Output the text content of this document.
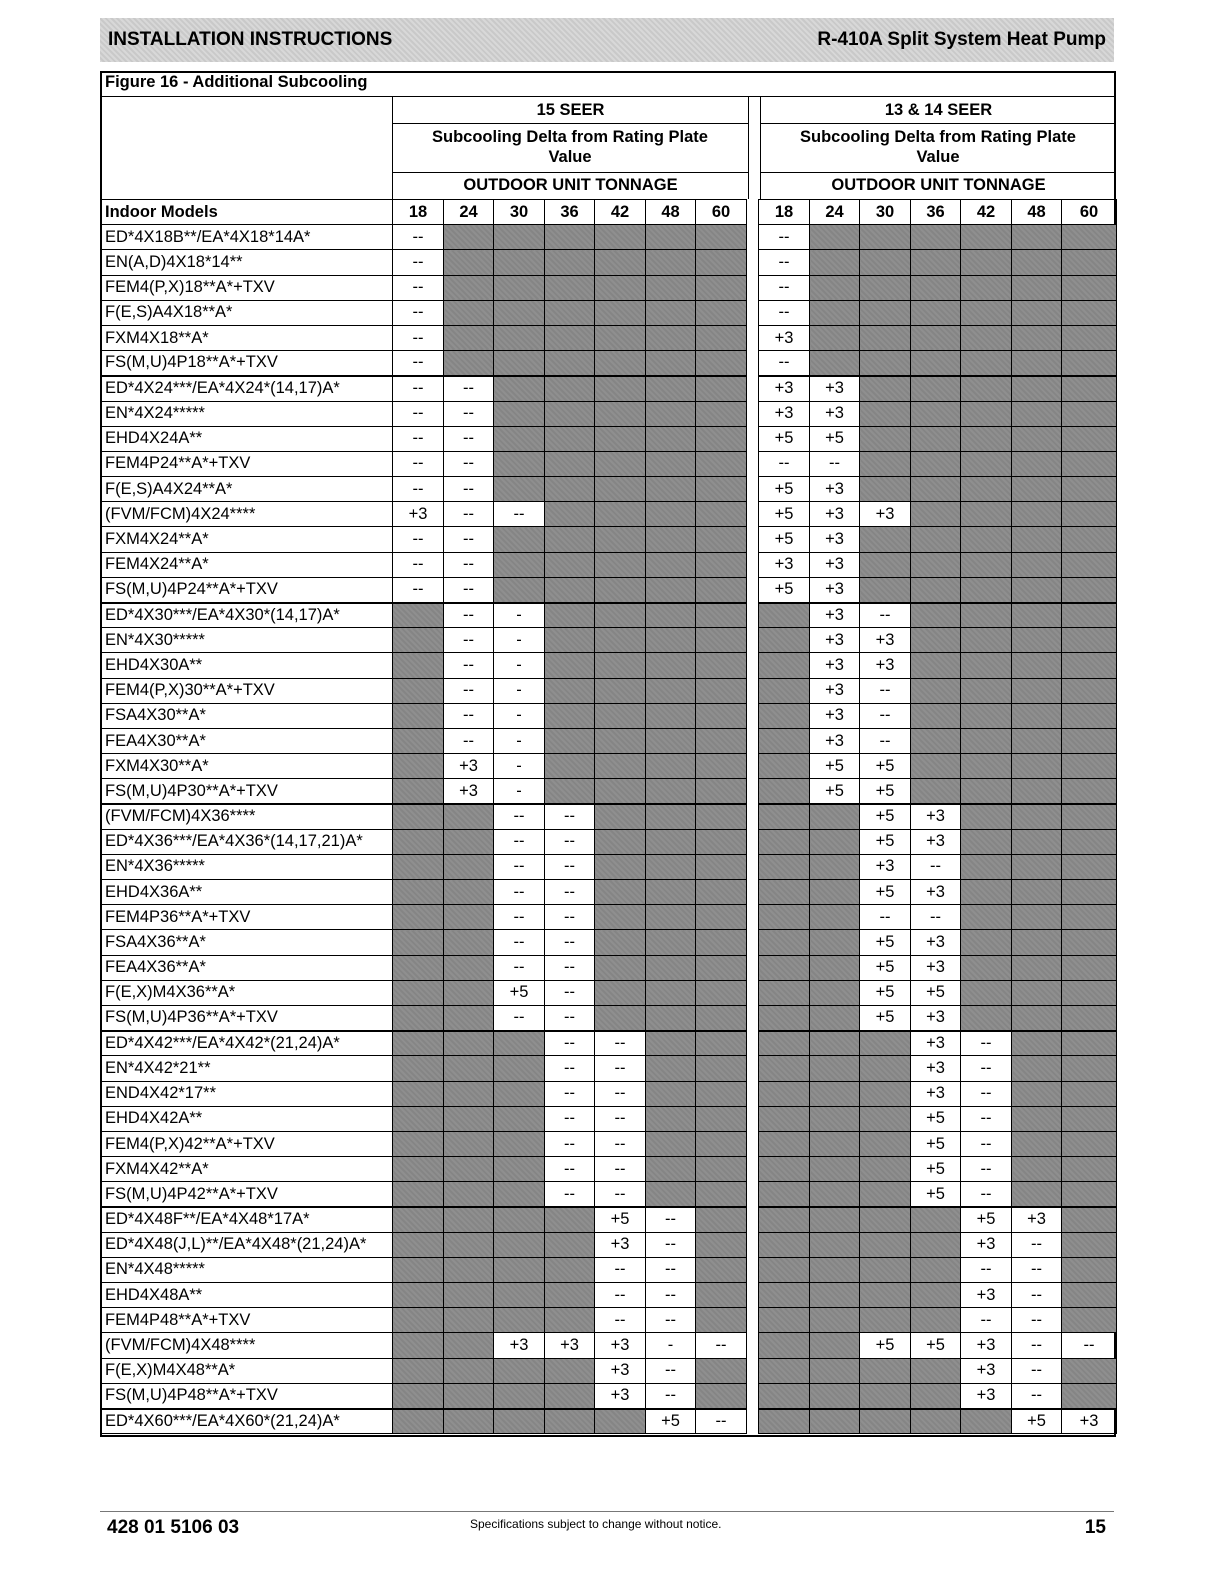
INSTALLATION INSTRUCTIONS	R-410A Split System Heat Pump
Figure 16 - Additional Subcooling
15 SEER
Subcooling Delta from Rating Plate Value
OUTDOOR UNIT TONNAGE
13 & 14 SEER
Subcooling Delta from Rating Plate Value
OUTDOOR UNIT TONNAGE
Indoor Models	18	24	30	36	42	48	60		18	24	30	36	42	48	60
ED*4X18B**/EA*4X18*14A*	--								--						
EN(A,D)4X18*14**	--								--						
FEM4(P,X)18**A*+TXV	--								--						
F(E,S)A4X18**A*	--								--						
FXM4X18**A*	--								+3						
FS(M,U)4P18**A*+TXV	--								--						
ED*4X24***/EA*4X24*(14,17)A*	--	--							+3	+3					
EN*4X24*****	--	--							+3	+3					
EHD4X24A**	--	--							+5	+5					
FEM4P24**A*+TXV	--	--							--	--					
F(E,S)A4X24**A*	--	--							+5	+3					
(FVM/FCM)4X24****	+3	--	--						+5	+3	+3				
FXM4X24**A*	--	--							+5	+3					
FEM4X24**A*	--	--							+3	+3					
FS(M,U)4P24**A*+TXV	--	--							+5	+3					
ED*4X30***/EA*4X30*(14,17)A*		--	-							+3	--				
EN*4X30*****		--	-							+3	+3				
EHD4X30A**		--	-							+3	+3				
FEM4(P,X)30**A*+TXV		--	-							+3	--				
FSA4X30**A*		--	-							+3	--				
FEA4X30**A*		--	-							+3	--				
FXM4X30**A*		+3	-							+5	+5				
FS(M,U)4P30**A*+TXV		+3	-							+5	+5				
(FVM/FCM)4X36****			--	--							+5	+3			
ED*4X36***/EA*4X36*(14,17,21)A*			--	--							+5	+3			
EN*4X36*****			--	--							+3	--			
EHD4X36A**			--	--							+5	+3			
FEM4P36**A*+TXV			--	--							--	--			
FSA4X36**A*			--	--							+5	+3			
FEA4X36**A*			--	--							+5	+3			
F(E,X)M4X36**A*			+5	--							+5	+5			
FS(M,U)4P36**A*+TXV			--	--							+5	+3			
ED*4X42***/EA*4X42*(21,24)A*				--	--							+3	--		
EN*4X42*21**				--	--							+3	--		
END4X42*17**				--	--							+3	--		
EHD4X42A**				--	--							+5	--		
FEM4(P,X)42**A*+TXV				--	--							+5	--		
FXM4X42**A*				--	--							+5	--		
FS(M,U)4P42**A*+TXV				--	--							+5	--		
ED*4X48F**/EA*4X48*17A*					+5	--							+5	+3	
ED*4X48(J,L)**/EA*4X48*(21,24)A*					+3	--							+3	--	
EN*4X48*****					--	--							--	--	
EHD4X48A**					--	--							+3	--	
FEM4P48**A*+TXV					--	--							--	--	
(FVM/FCM)4X48****			+3	+3	+3	-	--				+5	+5	+3	--	--
F(E,X)M4X48**A*					+3	--							+3	--	
FS(M,U)4P48**A*+TXV					+3	--							+3	--	
ED*4X60***/EA*4X60*(21,24)A*						+5	--							+5	+3
428 01 5106 03	Specifications subject to change without notice.	15
